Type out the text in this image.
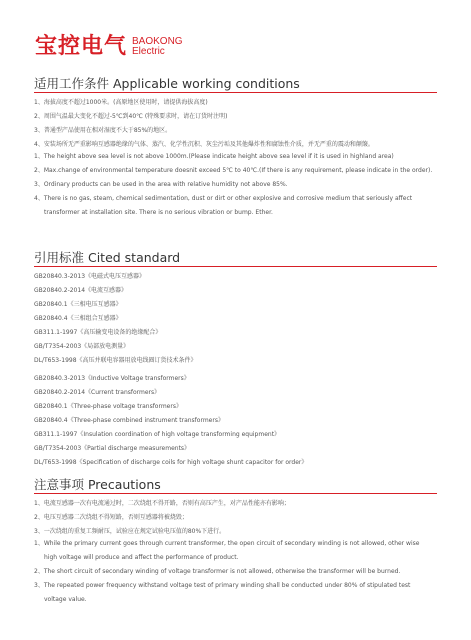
宝控电气 BAOKONG
Electric
适用工作条件 Applicable working conditions
1、海拔高度不超过1000米。(高原地区使用时，请提供海拔高度)
2、周围气温最大变化不超过-5℃到40℃ (特殊要求时，请在订货时注明)
3、普通型产品使用在相对湿度不大于85%的地区。
4、安装场所无严重影响互感器绝缘的气体、蒸汽、化学性沉积、灰尘污垢及其他爆炸性和腐蚀性介质，并无严重的震动和颠簸。
1、The height above sea level is not above 1000m.(Please indicate height above sea level if it is used in highland area)
2、Max.change of environmental temperature doesnit exceed 5℃ to 40℃.(If there is any requirement, please indicate in the order).
3、Ordinary products can be used in the area with relative humidity not above 85%.
4、There is no gas, steam, chemical sedimentation, dust or dirt or other explosive and corrosive medium that seriously affect
transformer at installation site. There is no serious vibration or bump. Ether.
引用标准 Cited standard
GB20840.3-2013《电磁式电压互感器》
GB20840.2-2014《电流互感器》
GB20840.1《三相电压互感器》
GB20840.4《三相组合互感器》
GB311.1-1997《高压输变电设备的绝缘配合》
GB/T7354-2003《局部放电测量》
DL/T653-1998《高压并联电容器用放电线圈订货技术条件》
GB20840.3-2013《Inductive Voltage transformers》
GB20840.2-2014《Current transformers》
GB20840.1《Three-phase voltage transformers》
GB20840.4《Three-phase combined instrument transformers》
GB311.1-1997《Insulation coordination of high voltage transforming equipment》
GB/T7354-2003《Partial discharge measurements》
DL/T653-1998《Specification of discharge coils for high voltage shunt capacitor for order》
注意事项 Precautions
1、电流互感器一次有电流通过时，二次绕组不得开路，否则有高压产生，对产品性能亦有影响；
2、电压互感器二次绕组不得短路，否则互感器将被烧毁；
3、一次绕组的重复工频耐压，试验应在规定试验电压值的80%下进行。
1、While the primary current goes through current transformer, the open circuit of secondary winding is not allowed, other wise
high voltage will produce and affect the performance of product.
2、The short circuit of secondary winding of voltage transformer is not allowed, otherwise the transformer will be burned.
3、The repeated power frequency withstand voltage test of primary winding shall be conducted under 80% of stipulated test
voltage value.
